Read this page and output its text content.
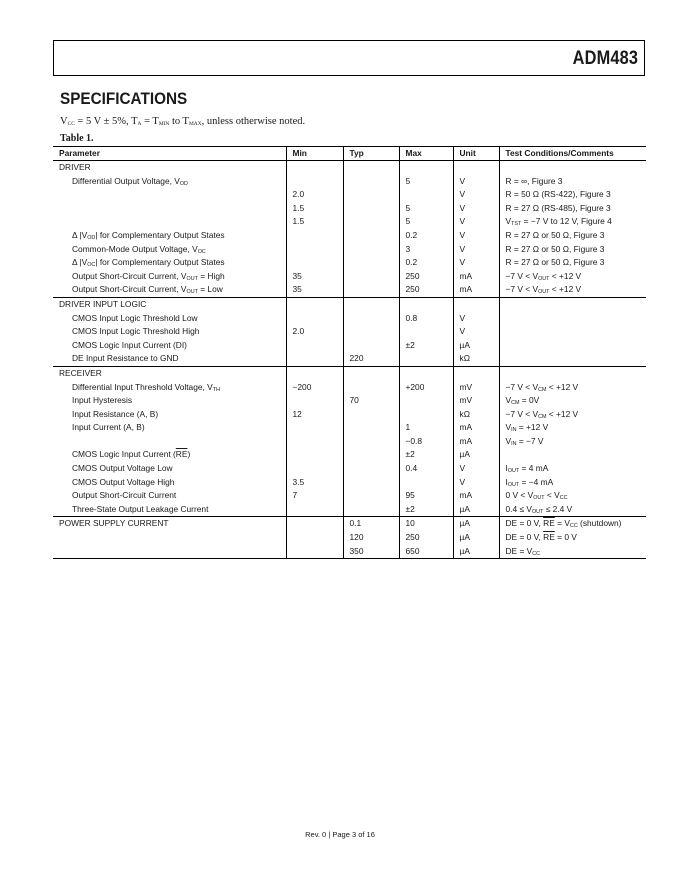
ADM483
SPECIFICATIONS
$V_{CC} = 5$ V ± 5%, $T_A = T_{MIN}$ to $T_{MAX}$, unless otherwise noted.
Table 1.
Parameter	Min	Typ	Max	Unit	Test Conditions/Comments
DRIVER					
Differential Output Voltage, $V_{OD}$			5	V	R = ∞, Figure 3
	2.0			V	R = 50 Ω (RS-422), Figure 3
	1.5		5	V	R = 27 Ω (RS-485), Figure 3
	1.5		5	V	$V_{TST} = -7$ V to 12 V, Figure 4
Δ $|V_{OD}|$ for Complementary Output States			0.2	V	R = 27 Ω or 50 Ω, Figure 3
Common-Mode Output Voltage, $V_{OC}$			3	V	R = 27 Ω or 50 Ω, Figure 3
Δ $|V_{OC}|$ for Complementary Output States			0.2	V	R = 27 Ω or 50 Ω, Figure 3
Output Short-Circuit Current, $V_{OUT}$ = High	35		250	mA	−7 $V < V_{OUT} < +12$ V
Output Short-Circuit Current, $V_{OUT}$ = Low	35		250	mA	−7 $V < V_{OUT} < +12$ V
DRIVER INPUT LOGIC					
CMOS Input Logic Threshold Low			0.8	V	
CMOS Input Logic Threshold High	2.0			V	
CMOS Logic Input Current (DI)			±2	µA	
DE Input Resistance to GND		220		kΩ	
RECEIVER					
Differential Input Threshold Voltage, $V_{TH}$	−200		+200	mV	−7 $V < V_{CM} < +12$ V
Input Hysteresis		70		mV	$V_{CM} = 0V$
Input Resistance (A, B)	12			kΩ	−7 $V < V_{CM} < +12$ V
Input Current (A, B)			1	mA	$V_{IN} = +12$ V
			−0.8	mA	$V_{IN} = -7$ V
CMOS Logic Input Current $(\overline{RE})$			±2	µA	
CMOS Output Voltage Low			0.4	V	$I_{OUT} = 4$ mA
CMOS Output Voltage High	3.5			V	$I_{OUT} = -4$ mA
Output Short-Circuit Current	7		95	mA	0 $V < V_{OUT} < V_{CC}$
Three-State Output Leakage Current			±2	µA	$0.4 \le V_{OUT} \le 2.4$ V
POWER SUPPLY CURRENT		0.1	10	µA	DE = 0 V, $\overline{RE} = V_{CC}$ (shutdown)
		120	250	µA	DE = 0 V, $\overline{RE} = 0$ V
		350	650	µA	DE = $V_{CC}$
Rev. 0 | Page 3 of 16
